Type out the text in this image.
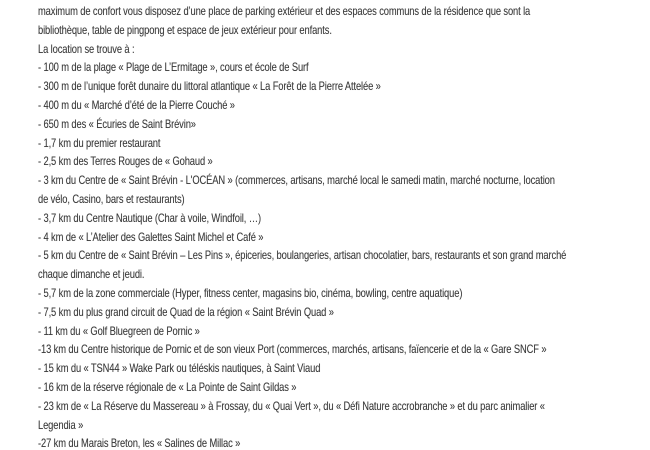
maximum de confort vous disposez d’une place de parking extérieur et des espaces communs de la résidence que sont la
bibliothèque, table de pingpong et espace de jeux extérieur pour enfants.
La location se trouve à :
- 100 m de la plage « Plage de L’Ermitage », cours et école de Surf
- 300 m de l’unique forêt dunaire du littoral atlantique « La Forêt de la Pierre Attelée »
- 400 m du « Marché d’été de la Pierre Couché »
- 650 m des « Écuries de Saint Brévin»
- 1,7 km du premier restaurant
- 2,5 km des Terres Rouges de « Gohaud »
- 3 km du Centre de « Saint Brévin - L'OCÉAN » (commerces, artisans, marché local le samedi matin, marché nocturne, location
de vélo, Casino, bars et restaurants)
- 3,7 km du Centre Nautique (Char à voile, Windfoil, …)
- 4 km de « L’Atelier des Galettes Saint Michel et Café »
- 5 km du Centre de « Saint Brévin – Les Pins », épiceries, boulangeries, artisan chocolatier, bars, restaurants et son grand marché
chaque dimanche et jeudi.
- 5,7 km de la zone commerciale (Hyper, fitness center, magasins bio, cinéma, bowling, centre aquatique)
- 7,5 km du plus grand circuit de Quad de la région « Saint Brévin Quad »
- 11 km du « Golf Bluegreen de Pornic »
-13 km du Centre historique de Pornic et de son vieux Port (commerces, marchés, artisans, faïencerie et de la « Gare SNCF »
- 15 km du « TSN44 » Wake Park ou téléskis nautiques, à Saint Viaud
- 16 km de la réserve régionale de « La Pointe de Saint Gildas »
- 23 km de « La Réserve du Massereau » à Frossay, du « Quai Vert », du « Défi Nature accrobranche » et du parc animalier «
Legendia »
-27 km du Marais Breton, les « Salines de Millac »
